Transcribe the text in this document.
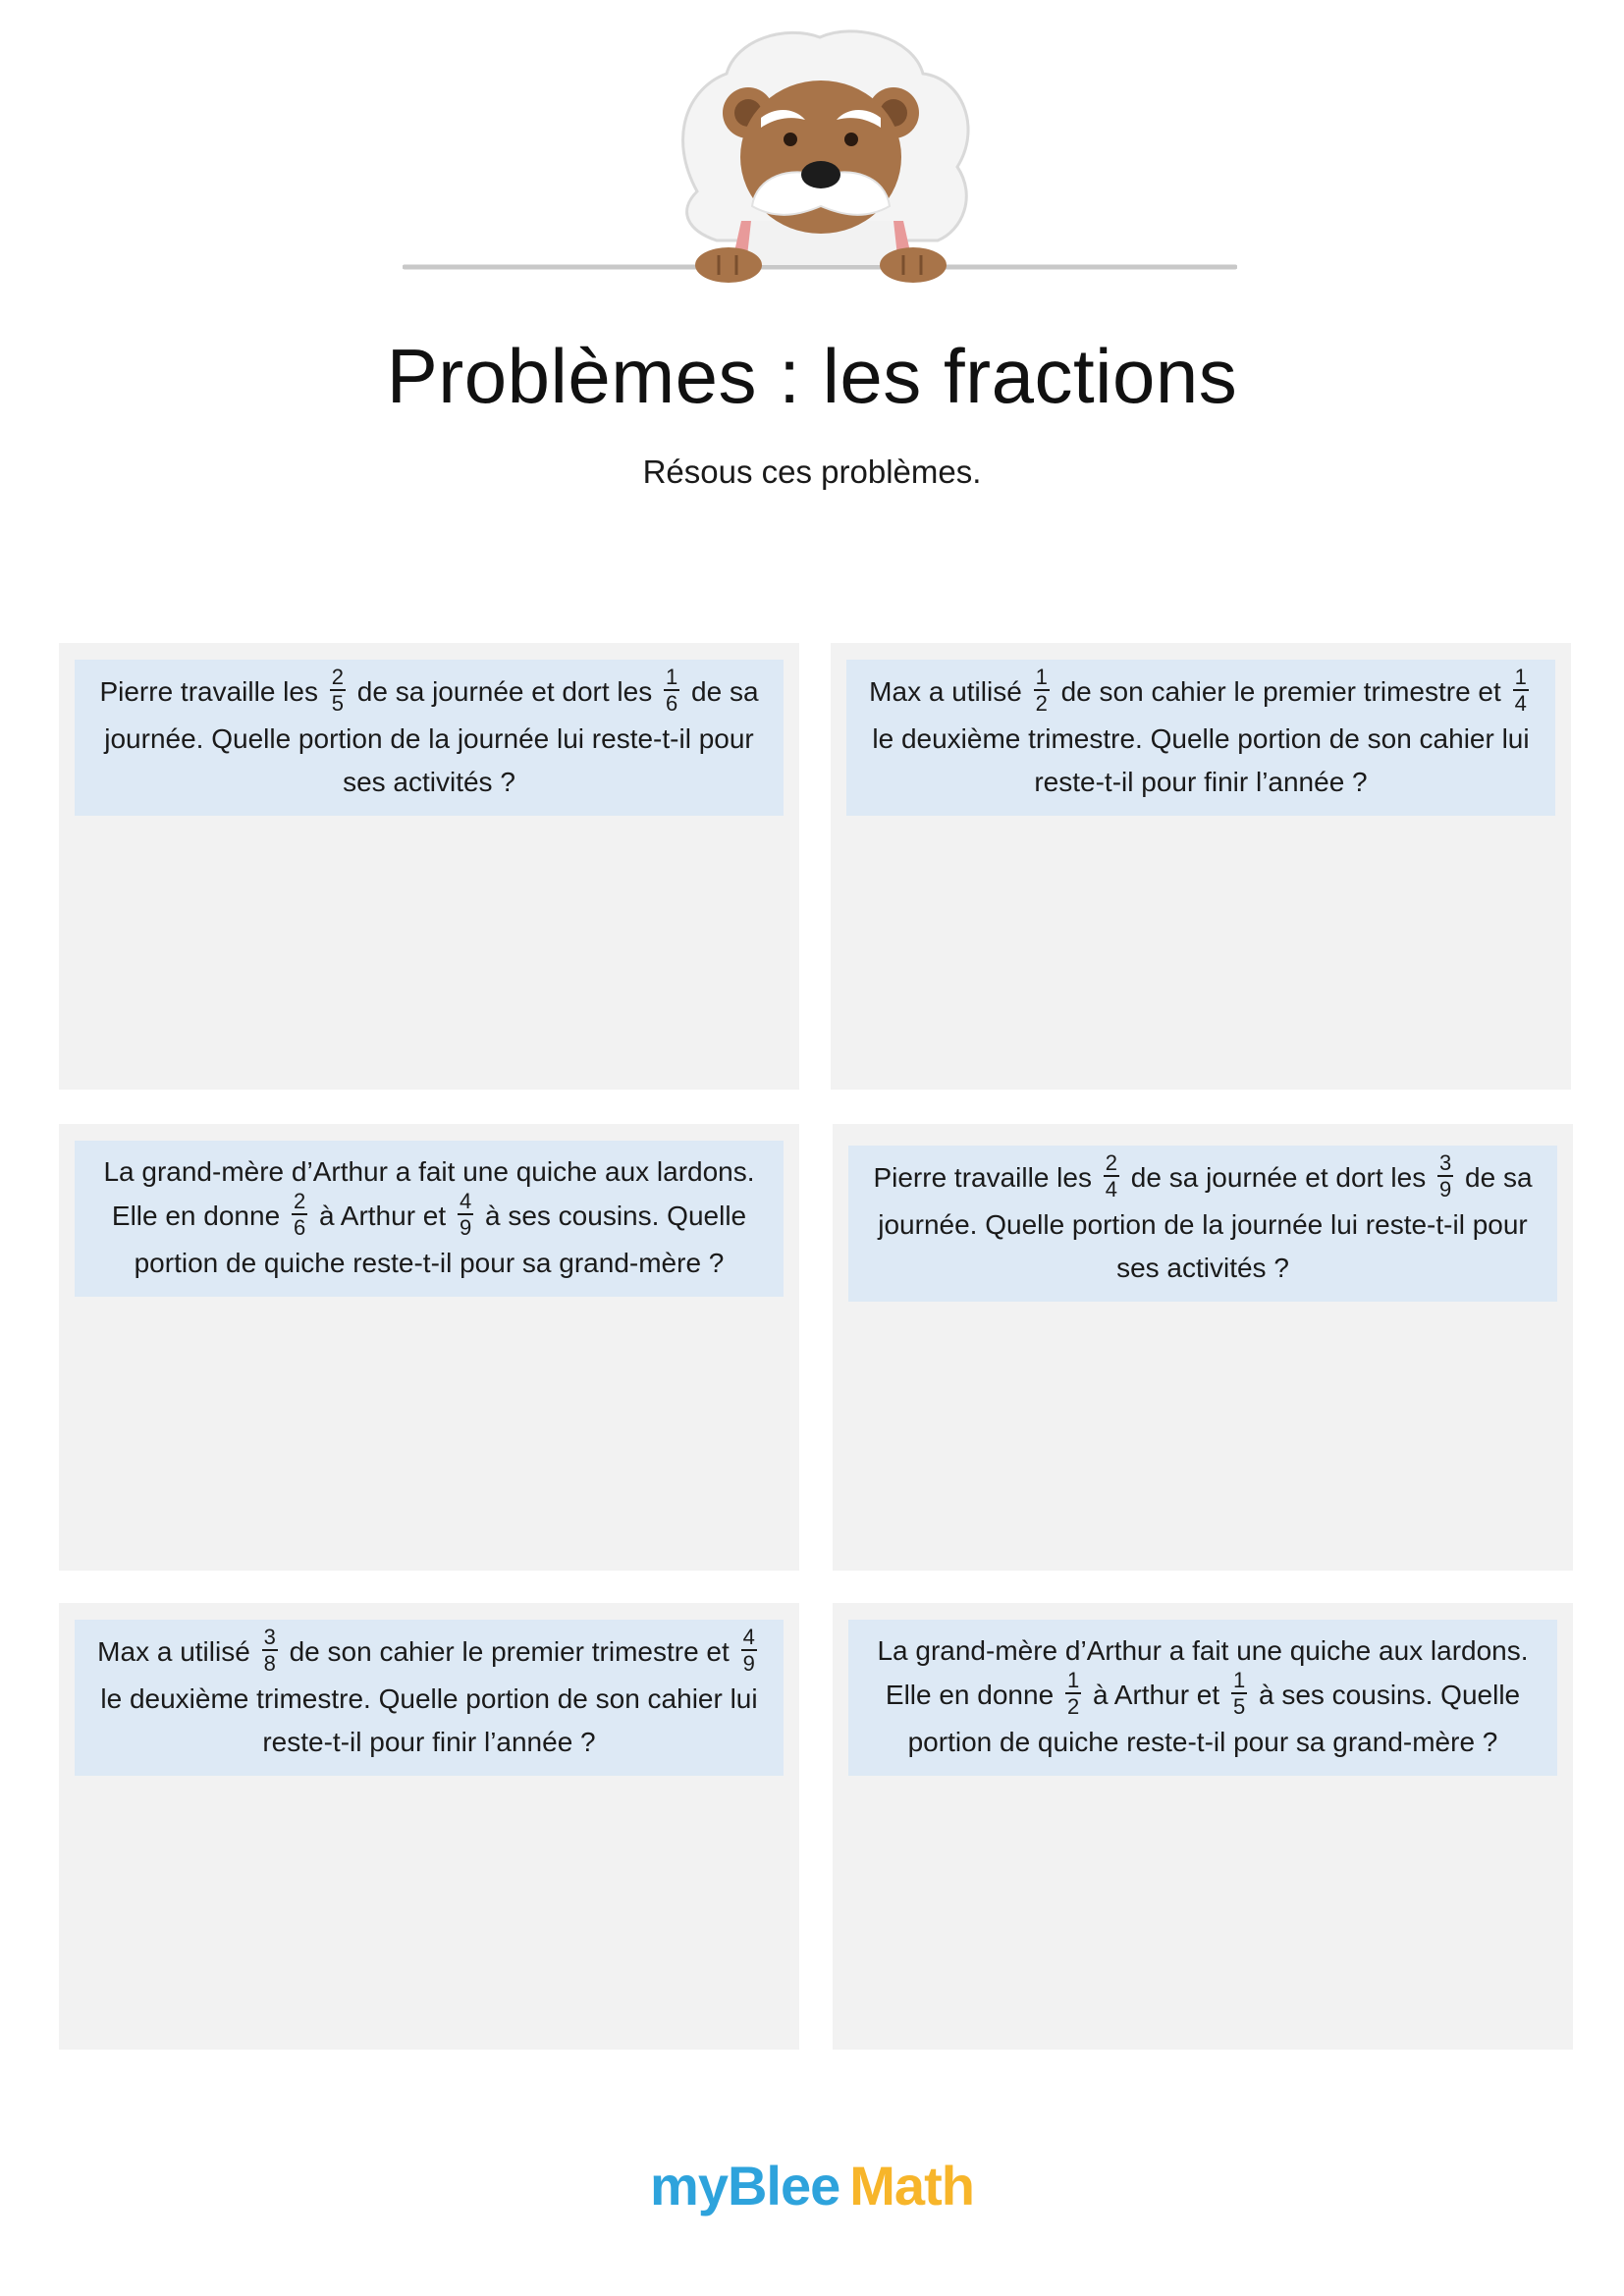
Problèmes : les fractions
Résous ces problèmes.
Pierre travaille les $\frac{2}{5}$ de sa journée et dort les $\frac{1}{6}$ de sa journée. Quelle portion de la journée lui reste-t-il pour ses activités ?
Max a utilisé $\frac{1}{2}$ de son cahier le premier trimestre et $\frac{1}{4}$
le deuxième trimestre. Quelle portion de son cahier lui reste-t-il pour finir l’année ?
La grand-mère d’Arthur a fait une quiche aux lardons. Elle en donne $\frac{2}{6}$ à Arthur et $\frac{4}{9}$ à ses cousins. Quelle portion de quiche reste-t-il pour sa grand-mère ?
Pierre travaille les $\frac{2}{4}$ de sa journée et dort les $\frac{3}{9}$ de sa journée. Quelle portion de la journée lui reste-t-il pour ses activités ?
Max a utilisé $\frac{3}{8}$ de son cahier le premier trimestre et $\frac{4}{9}$
le deuxième trimestre. Quelle portion de son cahier lui reste-t-il pour finir l’année ?
La grand-mère d’Arthur a fait une quiche aux lardons. Elle en donne $\frac{1}{2}$ à Arthur et $\frac{1}{5}$ à ses cousins. Quelle portion de quiche reste-t-il pour sa grand-mère ?
myBlee Math
